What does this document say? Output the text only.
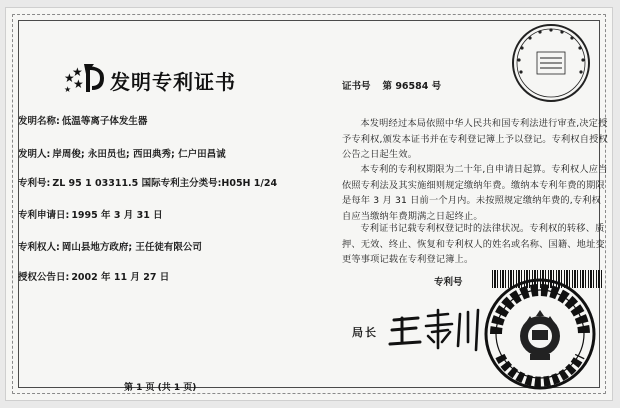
★
★
★
★ 发明专利证书
发明名称: 低温等离子体发生器
发明人: 岸周俊; 永田员也; 西田典秀; 仁户田昌诚
专利号: ZL 95 1 03311.5 国际专利主分类号:H05H 1/24
专利申请日: 1995 年 3 月 31 日
专利权人: 岡山县地方政府; 王任徒有限公司
授权公告日: 2002 年 11 月 27 日
证书号 第 96584 号
本发明经过本局依照中华人民共和国专利法进行审查,决定授予专利权,颁发本证书并在专利登记簿上予以登记。专利权自授权公告之日起生效。
本专利的专利权期限为二十年,自申请日起算。专利权人应当依照专利法及其实施细则规定缴纳年费。缴纳本专利年费的期限是每年 3 月 31 日前一个月内。未按照规定缴纳年费的,专利权自应当缴纳年费期满之日起终止。
专利证书记载专利权登记时的法律状况。专利权的转移、质押、无效、终止、恢复和专利权人的姓名或名称、国籍、地址变更等事项记载在专利登记簿上。
专利号
局长
第 1 页 (共 1 页)
